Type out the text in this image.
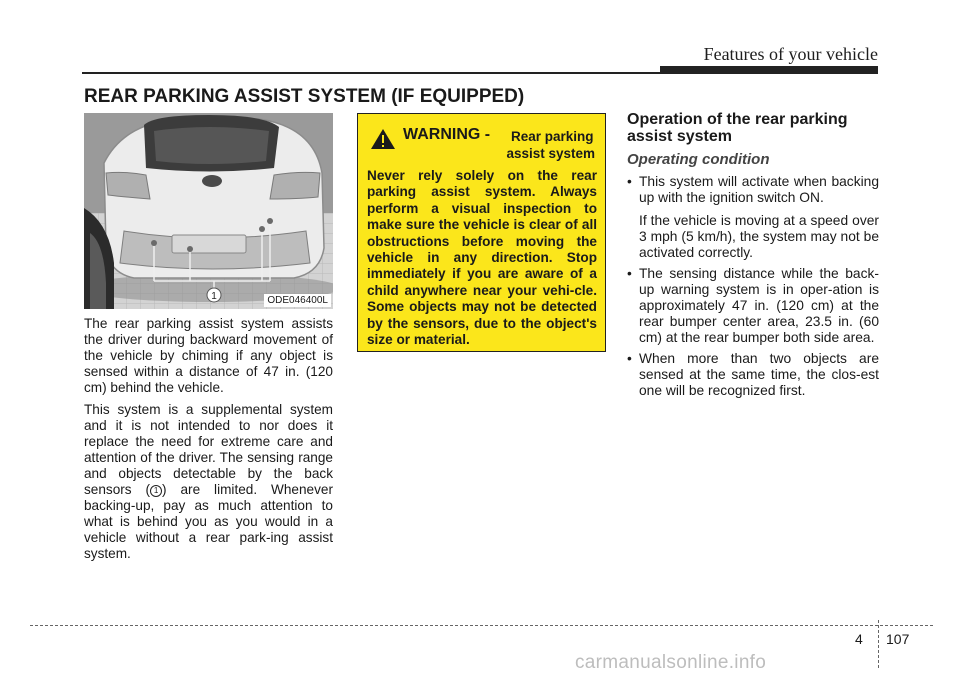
Features of your vehicle
REAR PARKING ASSIST SYSTEM (IF EQUIPPED)
1	ODE046400L

The rear parking assist system assists the driver during backward movement of the vehicle by chiming if any object is sensed within a distance of 47 in. (120 cm) behind the vehicle.

This system is a supplemental system and it is not intended to nor does it replace the need for extreme care and attention of the driver. The sensing range and objects detectable by the back sensors ( 1 ) are limited. Whenever backing-up, pay as much attention to what is behind you as you would in a vehicle without a rear park-ing assist system.

WARNING - Rear parking
assist system

Never rely solely on the rear parking assist system. Always perform a visual inspection to make sure the vehicle is clear of all obstructions before moving the vehicle in any direction. Stop immediately if you are aware of a child anywhere near your vehi-cle. Some objects may not be detected by the sensors, due to the object's size or material.

Operation of the rear parking assist system
Operating condition
• This system will activate when backing up with the ignition switch ON.
If the vehicle is moving at a speed over 3 mph (5 km/h), the system may not be activated correctly.
• The sensing distance while the back-up warning system is in oper-ation is approximately 47 in. (120 cm) at the rear bumper center area, 23.5 in. (60 cm) at the rear bumper both side area.
• When more than two objects are sensed at the same time, the clos-est one will be recognized first.
4 107
carmanualsonline.info
